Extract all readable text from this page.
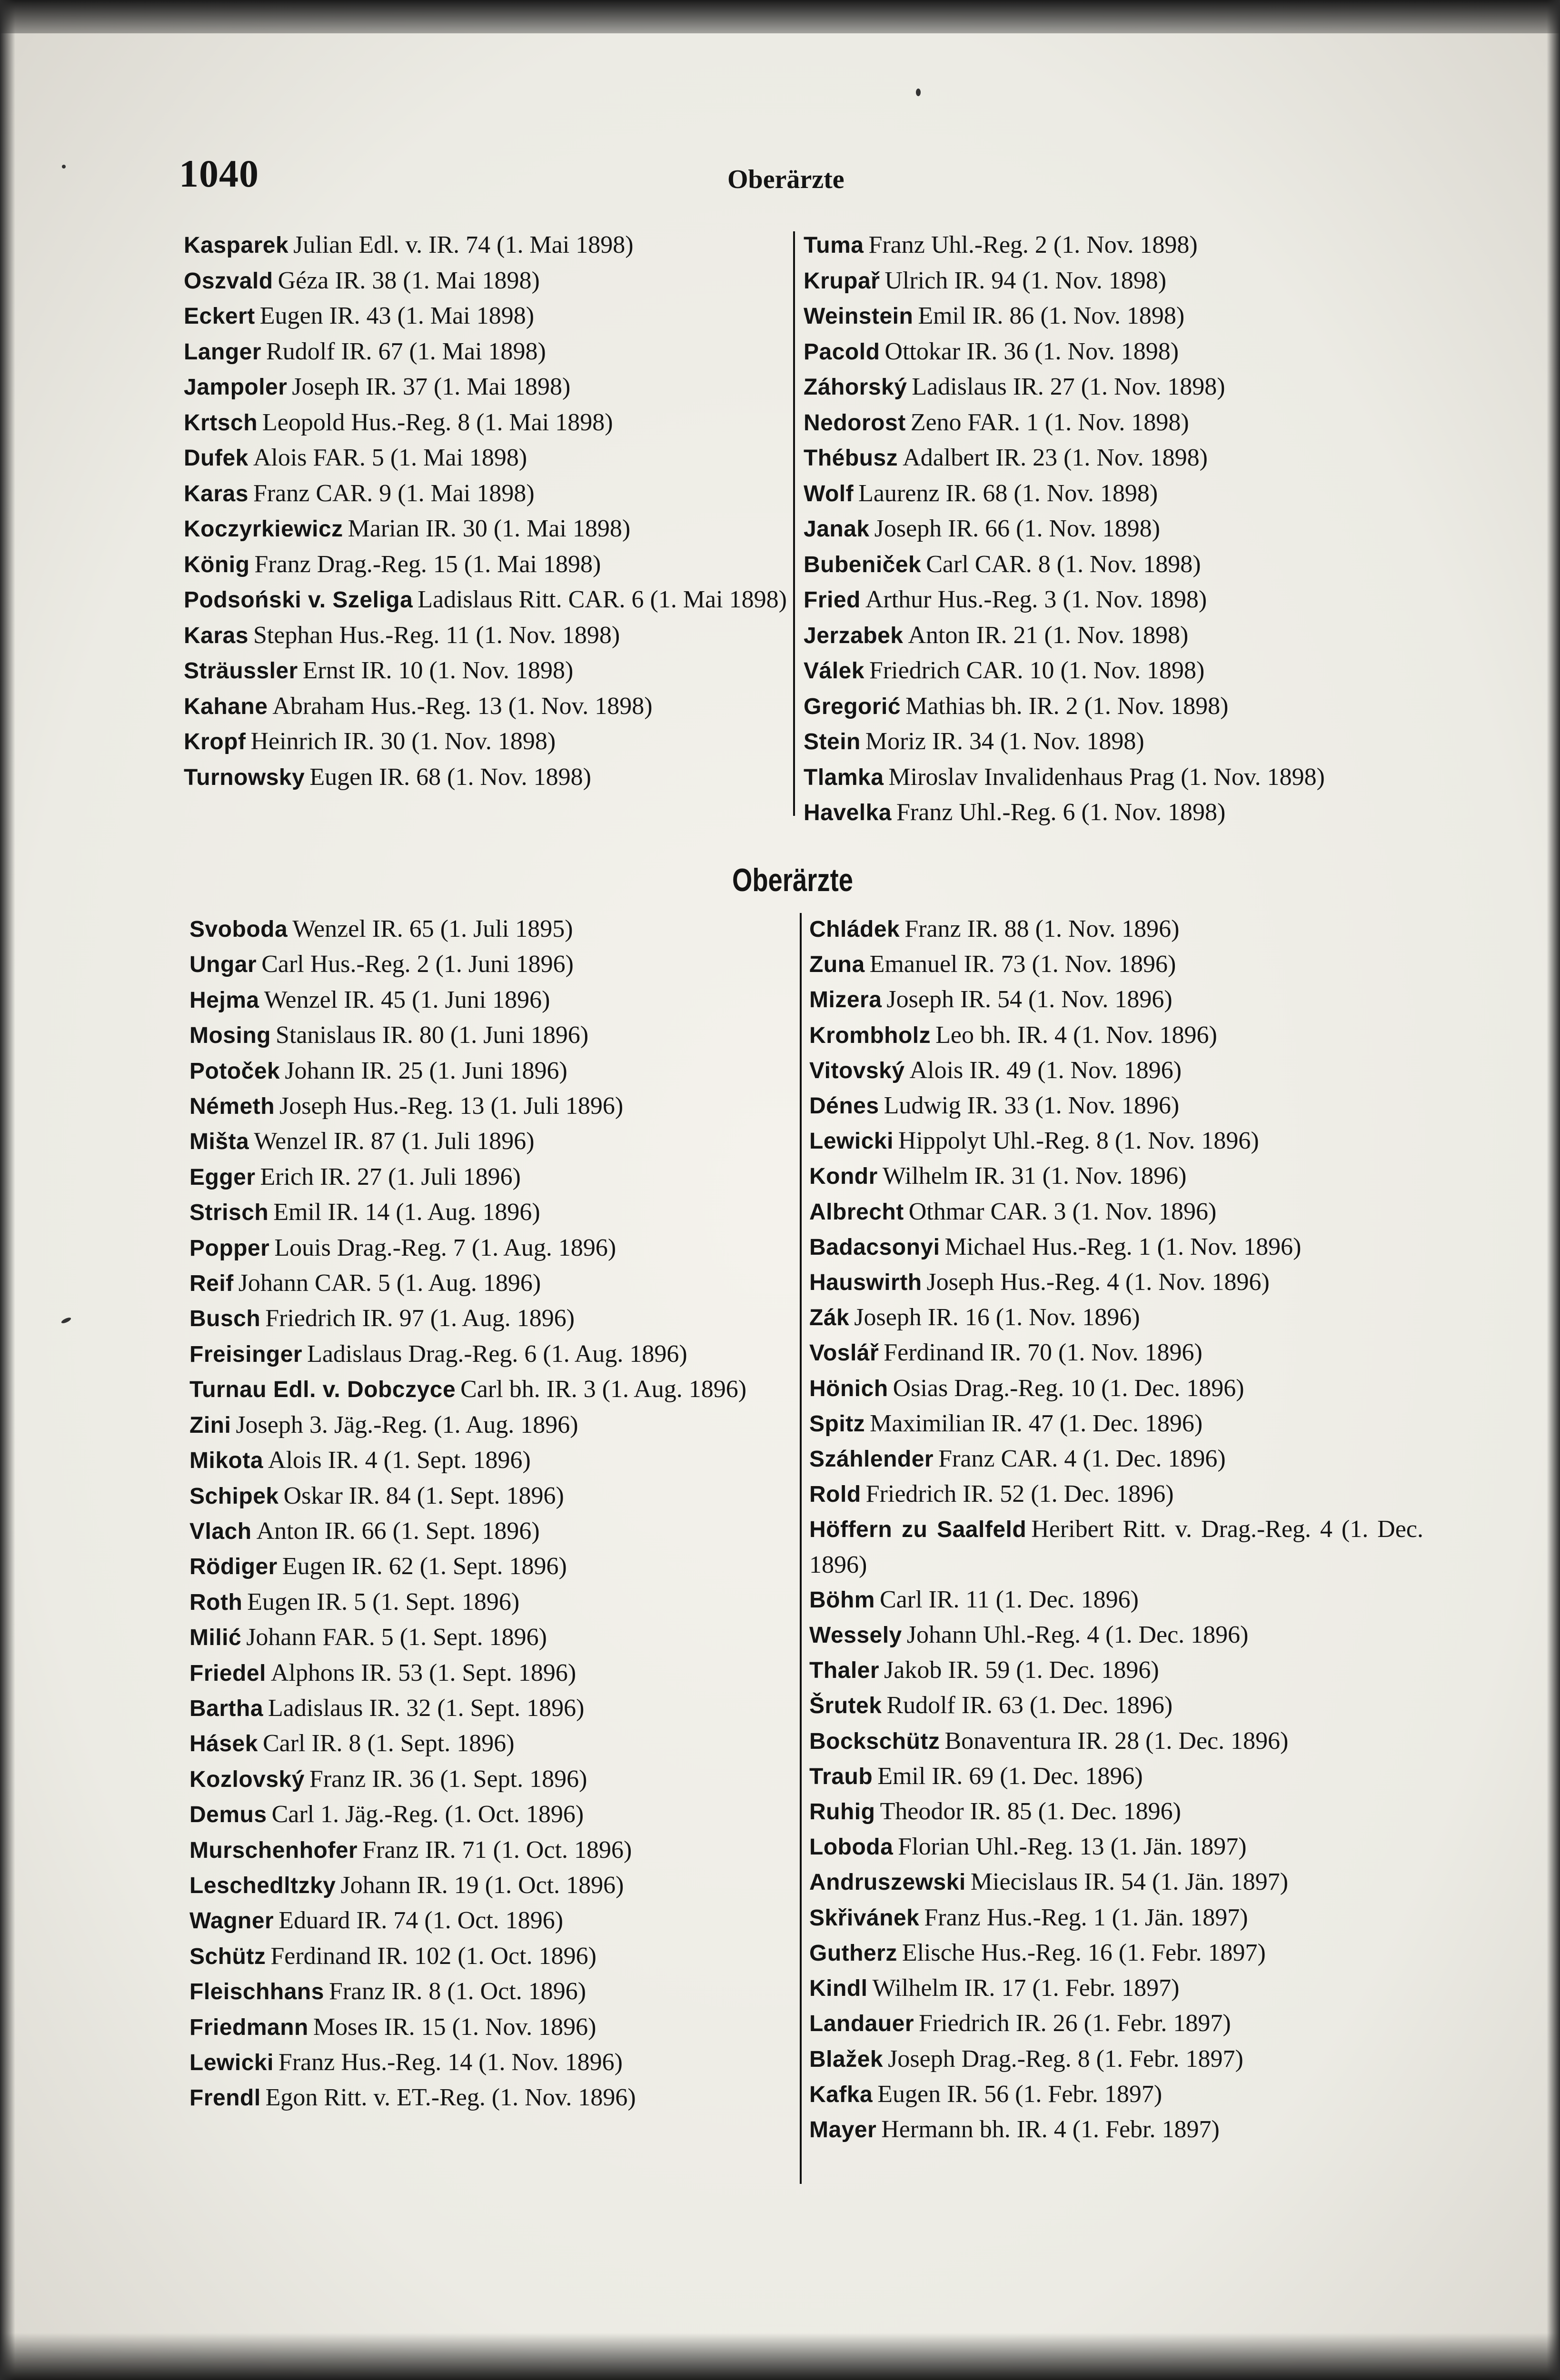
1040	Oberärzte
Kasparek Julian Edl. v. IR. 74 (1. Mai 1898)
Oszvald Géza IR. 38 (1. Mai 1898)
Eckert Eugen IR. 43 (1. Mai 1898)
Langer Rudolf IR. 67 (1. Mai 1898)
Jampoler Joseph IR. 37 (1. Mai 1898)
Krtsch Leopold Hus.-Reg. 8 (1. Mai 1898)
Dufek Alois FAR. 5 (1. Mai 1898)
Karas Franz CAR. 9 (1. Mai 1898)
Koczyrkiewicz Marian IR. 30 (1. Mai 1898)
König Franz Drag.-Reg. 15 (1. Mai 1898)
Podsoński v. Szeliga Ladislaus Ritt. CAR. 6 (1. Mai 1898)
Karas Stephan Hus.-Reg. 11 (1. Nov. 1898)
Sträussler Ernst IR. 10 (1. Nov. 1898)
Kahane Abraham Hus.-Reg. 13 (1. Nov. 1898)
Kropf Heinrich IR. 30 (1. Nov. 1898)
Turnowsky Eugen IR. 68 (1. Nov. 1898)
Tuma Franz Uhl.-Reg. 2 (1. Nov. 1898)
Krupař Ulrich IR. 94 (1. Nov. 1898)
Weinstein Emil IR. 86 (1. Nov. 1898)
Pacold Ottokar IR. 36 (1. Nov. 1898)
Záhorský Ladislaus IR. 27 (1. Nov. 1898)
Nedorost Zeno FAR. 1 (1. Nov. 1898)
Thébusz Adalbert IR. 23 (1. Nov. 1898)
Wolf Laurenz IR. 68 (1. Nov. 1898)
Janak Joseph IR. 66 (1. Nov. 1898)
Bubeniček Carl CAR. 8 (1. Nov. 1898)
Fried Arthur Hus.-Reg. 3 (1. Nov. 1898)
Jerzabek Anton IR. 21 (1. Nov. 1898)
Válek Friedrich CAR. 10 (1. Nov. 1898)
Gregorić Mathias bh. IR. 2 (1. Nov. 1898)
Stein Moriz IR. 34 (1. Nov. 1898)
Tlamka Miroslav Invalidenhaus Prag (1. Nov. 1898)
Havelka Franz Uhl.-Reg. 6 (1. Nov. 1898)
Oberärzte
Svoboda Wenzel IR. 65 (1. Juli 1895)
Ungar Carl Hus.-Reg. 2 (1. Juni 1896)
Hejma Wenzel IR. 45 (1. Juni 1896)
Mosing Stanislaus IR. 80 (1. Juni 1896)
Potoček Johann IR. 25 (1. Juni 1896)
Németh Joseph Hus.-Reg. 13 (1. Juli 1896)
Mišta Wenzel IR. 87 (1. Juli 1896)
Egger Erich IR. 27 (1. Juli 1896)
Strisch Emil IR. 14 (1. Aug. 1896)
Popper Louis Drag.-Reg. 7 (1. Aug. 1896)
Reif Johann CAR. 5 (1. Aug. 1896)
Busch Friedrich IR. 97 (1. Aug. 1896)
Freisinger Ladislaus Drag.-Reg. 6 (1. Aug. 1896)
Turnau Edl. v. Dobczyce Carl bh. IR. 3 (1. Aug. 1896)
Zini Joseph 3. Jäg.-Reg. (1. Aug. 1896)
Mikota Alois IR. 4 (1. Sept. 1896)
Schipek Oskar IR. 84 (1. Sept. 1896)
Vlach Anton IR. 66 (1. Sept. 1896)
Rödiger Eugen IR. 62 (1. Sept. 1896)
Roth Eugen IR. 5 (1. Sept. 1896)
Milić Johann FAR. 5 (1. Sept. 1896)
Friedel Alphons IR. 53 (1. Sept. 1896)
Bartha Ladislaus IR. 32 (1. Sept. 1896)
Hásek Carl IR. 8 (1. Sept. 1896)
Kozlovský Franz IR. 36 (1. Sept. 1896)
Demus Carl 1. Jäg.-Reg. (1. Oct. 1896)
Murschenhofer Franz IR. 71 (1. Oct. 1896)
Leschedltzky Johann IR. 19 (1. Oct. 1896)
Wagner Eduard IR. 74 (1. Oct. 1896)
Schütz Ferdinand IR. 102 (1. Oct. 1896)
Fleischhans Franz IR. 8 (1. Oct. 1896)
Friedmann Moses IR. 15 (1. Nov. 1896)
Lewicki Franz Hus.-Reg. 14 (1. Nov. 1896)
Frendl Egon Ritt. v. ET.-Reg. (1. Nov. 1896)
Chládek Franz IR. 88 (1. Nov. 1896)
Zuna Emanuel IR. 73 (1. Nov. 1896)
Mizera Joseph IR. 54 (1. Nov. 1896)
Krombholz Leo bh. IR. 4 (1. Nov. 1896)
Vitovský Alois IR. 49 (1. Nov. 1896)
Dénes Ludwig IR. 33 (1. Nov. 1896)
Lewicki Hippolyt Uhl.-Reg. 8 (1. Nov. 1896)
Kondr Wilhelm IR. 31 (1. Nov. 1896)
Albrecht Othmar CAR. 3 (1. Nov. 1896)
Badacsonyi Michael Hus.-Reg. 1 (1. Nov. 1896)
Hauswirth Joseph Hus.-Reg. 4 (1. Nov. 1896)
Zák Joseph IR. 16 (1. Nov. 1896)
Voslář Ferdinand IR. 70 (1. Nov. 1896)
Hönich Osias Drag.-Reg. 10 (1. Dec. 1896)
Spitz Maximilian IR. 47 (1. Dec. 1896)
Száhlender Franz CAR. 4 (1. Dec. 1896)
Rold Friedrich IR. 52 (1. Dec. 1896)
Höffern zu Saalfeld Heribert Ritt. v. Drag.-Reg. 4 (1. Dec. 1896)
Böhm Carl IR. 11 (1. Dec. 1896)
Wessely Johann Uhl.-Reg. 4 (1. Dec. 1896)
Thaler Jakob IR. 59 (1. Dec. 1896)
Šrutek Rudolf IR. 63 (1. Dec. 1896)
Bockschütz Bonaventura IR. 28 (1. Dec. 1896)
Traub Emil IR. 69 (1. Dec. 1896)
Ruhig Theodor IR. 85 (1. Dec. 1896)
Loboda Florian Uhl.-Reg. 13 (1. Jän. 1897)
Andruszewski Miecislaus IR. 54 (1. Jän. 1897)
Skřivánek Franz Hus.-Reg. 1 (1. Jän. 1897)
Gutherz Elische Hus.-Reg. 16 (1. Febr. 1897)
Kindl Wilhelm IR. 17 (1. Febr. 1897)
Landauer Friedrich IR. 26 (1. Febr. 1897)
Blažek Joseph Drag.-Reg. 8 (1. Febr. 1897)
Kafka Eugen IR. 56 (1. Febr. 1897)
Mayer Hermann bh. IR. 4 (1. Febr. 1897)
